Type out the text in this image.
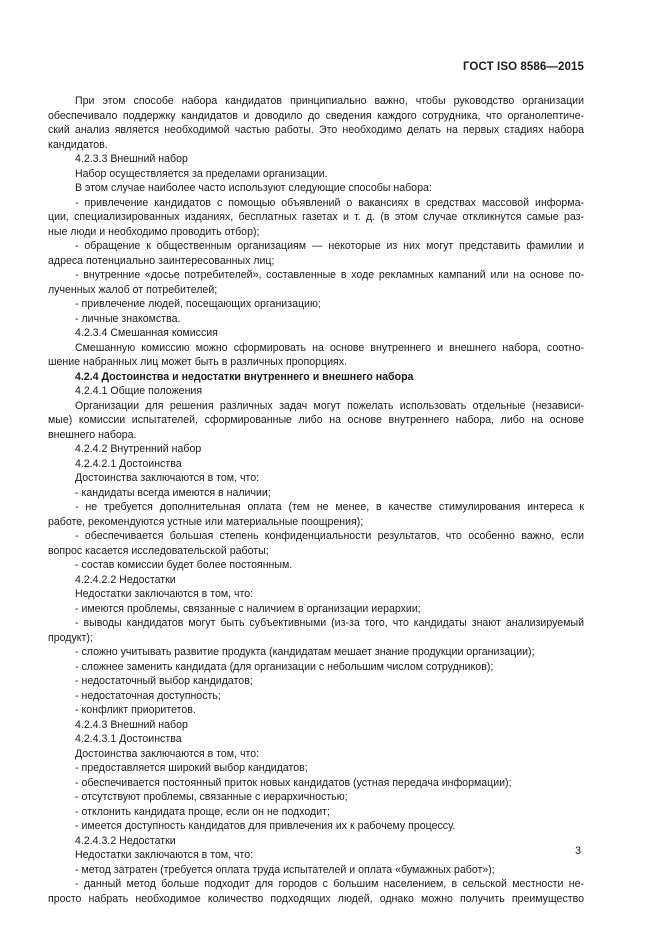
ГОСТ ISO 8586—2015
При этом способе набора кандидатов принципиально важно, чтобы руководство организации
обеспечивало поддержку кандидатов и доводило до сведения каждого сотрудника, что органолептиче-
ский анализ является необходимой частью работы. Это необходимо делать на первых стадиях набора
кандидатов.
4.2.3.3 Внешний набор
Набор осуществляется за пределами организации.
В этом случае наиболее часто используют следующие способы набора:
- привлечение кандидатов с помощью объявлений о вакансиях в средствах массовой информа-
ции, специализированных изданиях, бесплатных газетах и т. д. (в этом случае откликнутся самые раз-
ные люди и необходимо проводить отбор);
- обращение к общественным организациям — некоторые из них могут представить фамилии и
адреса потенциально заинтересованных лиц;
- внутренние «досье потребителей», составленные в ходе рекламных кампаний или на основе по-
лученных жалоб от потребителей;
- привлечение людей, посещающих организацию;
- личные знакомства.
4.2.3.4 Смешанная комиссия
Смешанную комиссию можно сформировать на основе внутреннего и внешнего набора, соотно-
шение набранных лиц может быть в различных пропорциях.
4.2.4 Достоинства и недостатки внутреннего и внешнего набора
4.2.4.1 Общие положения
Организации для решения различных задач могут пожелать использовать отдельные (независи-
мые) комиссии испытателей, сформированные либо на основе внутреннего набора, либо на основе
внешнего набора.
4.2.4.2 Внутренний набор
4.2.4.2.1 Достоинства
Достоинства заключаются в том, что:
- кандидаты всегда имеются в наличии;
- не требуется дополнительная оплата (тем не менее, в качестве стимулирования интереса к
работе, рекомендуются устные или материальные поощрения);
- обеспечивается большая степень конфиденциальности результатов, что особенно важно, если
вопрос касается исследовательской работы;
- состав комиссии будет более постоянным.
4.2.4.2.2 Недостатки
Недостатки заключаются в том, что:
- имеются проблемы, связанные с наличием в организации иерархии;
- выводы кандидатов могут быть субъективными (из-за того, что кандидаты знают анализируемый
продукт);
- сложно учитывать развитие продукта (кандидатам мешает знание продукции организации);
- сложнее заменить кандидата (для организации с небольшим числом сотрудников);
- недостаточный выбор кандидатов;
- недостаточная доступность;
- конфликт приоритетов.
4.2.4.3 Внешний набор
4.2.4.3.1 Достоинства
Достоинства заключаются в том, что:
- предоставляется широкий выбор кандидатов;
- обеспечивается постоянный приток новых кандидатов (устная передача информации);
- отсутствуют проблемы, связанные с иерархичностью;
- отклонить кандидата проще, если он не подходит;
- имеется доступность кандидатов для привлечения их к рабочему процессу.
4.2.4.3.2 Недостатки
Недостатки заключаются в том, что:
- метод затратен (требуется оплата труда испытателей и оплата «бумажных работ»);
- данный метод больше подходит для городов с большим населением, в сельской местности не-
просто набрать необходимое количество подходящих людей, однако можно получить преимущество
3
